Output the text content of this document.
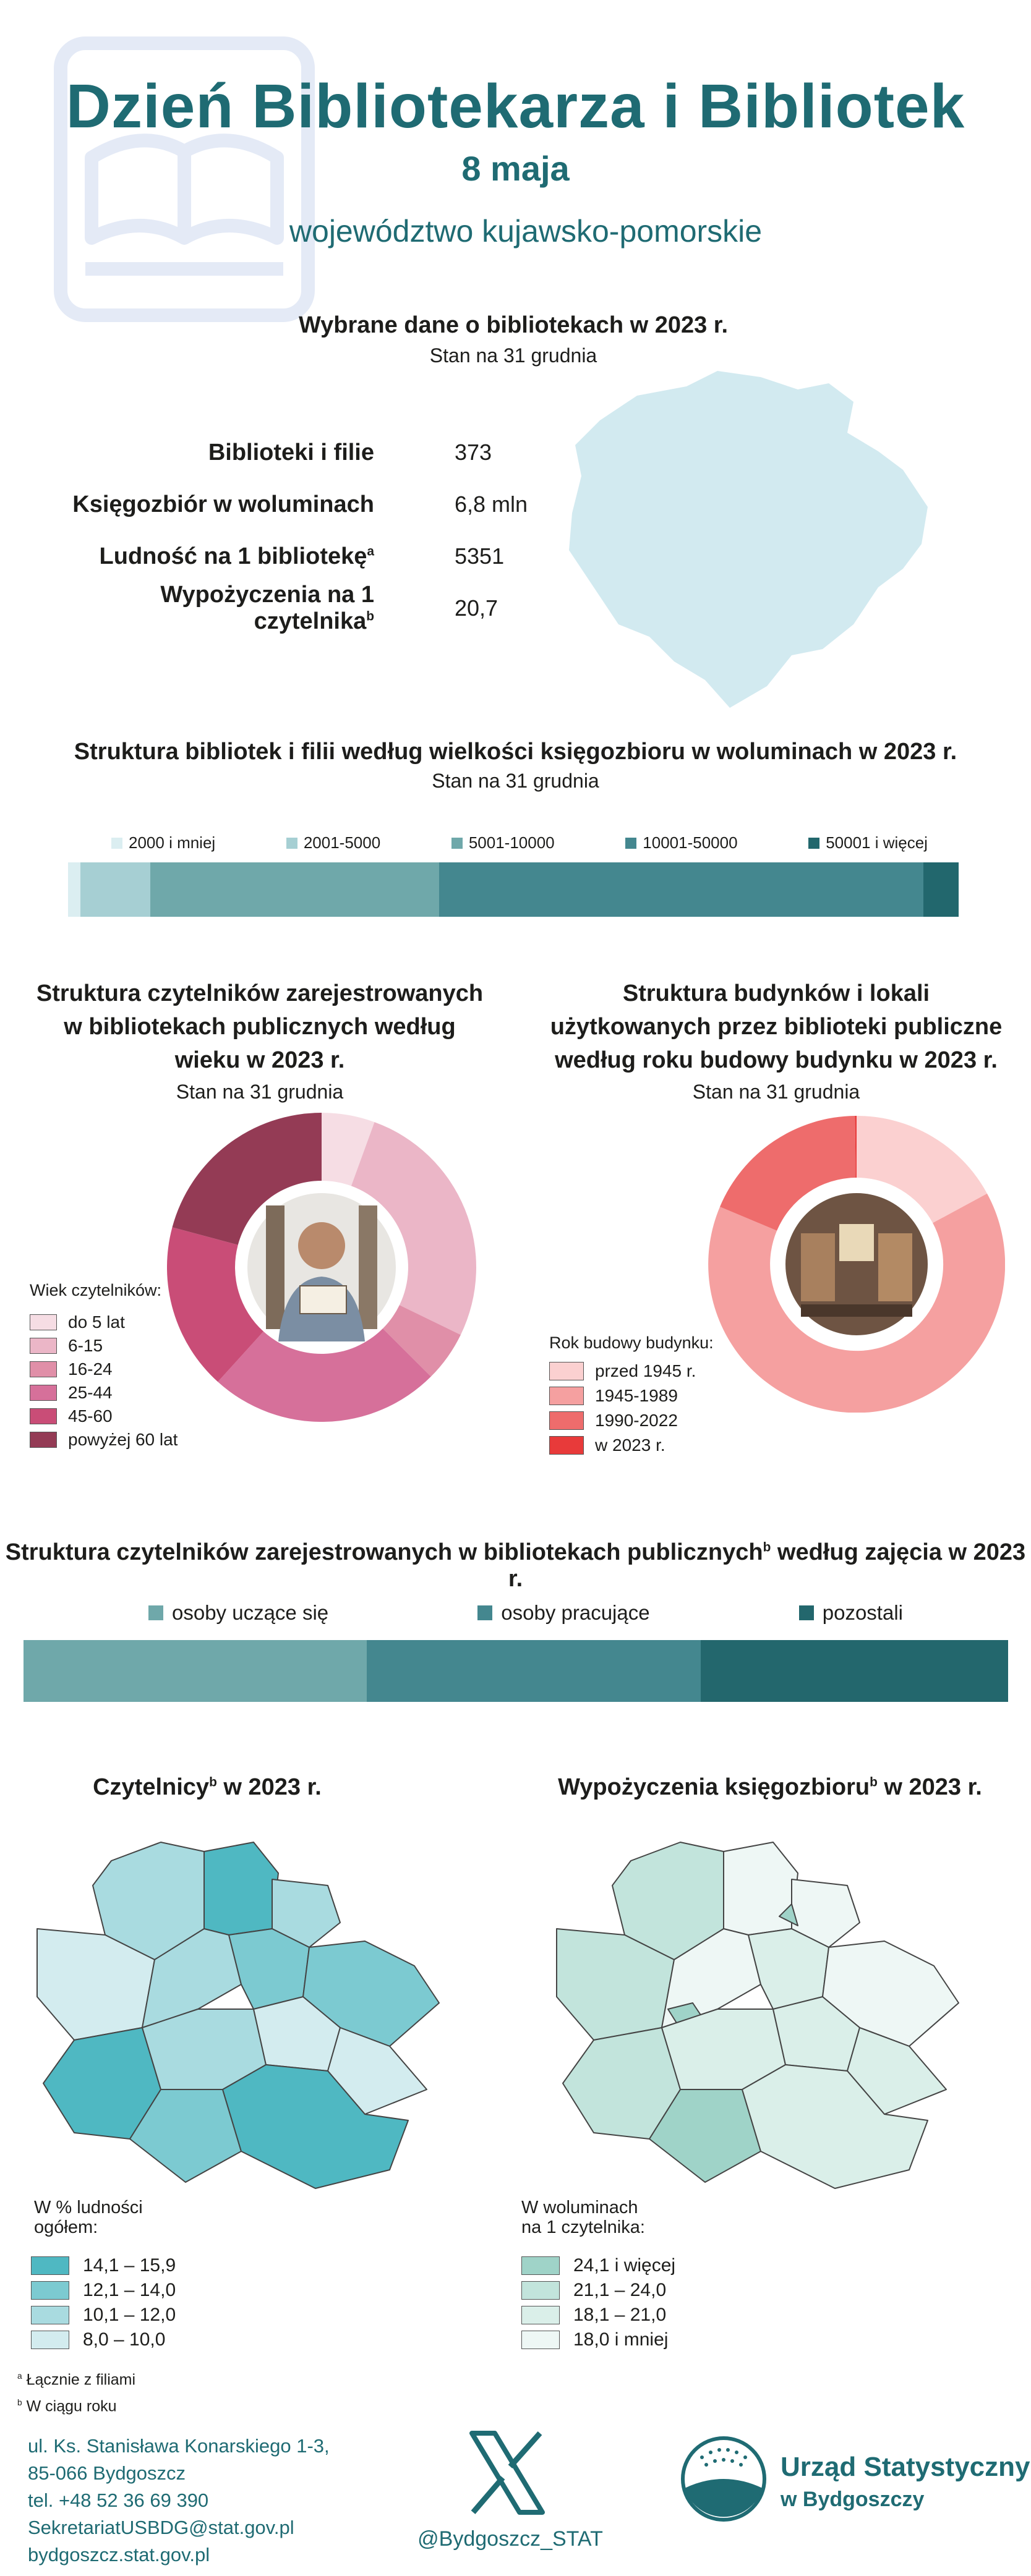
Dzień Bibliotekarza i Bibliotek
8 maja
województwo kujawsko-pomorskie
Wybrane dane o bibliotekach w 2023 r.
Stan na 31 grudnia
Biblioteki i filie	373
Księgozbiór w woluminach	6,8 mln
Ludność na 1 bibliotekę$^a$	5351
Wypożyczenia na 1 czytelnika$^b$	20,7
Struktura bibliotek i filii według wielkości księgozbioru w woluminach w 2023 r.
Stan na 31 grudnia
2000 i mniej	2001-5000	5001-10000	10001-50000	50001 i więcej
Struktura czytelników zarejestrowanych
w bibliotekach publicznych według
wieku w 2023 r.
Stan na 31 grudnia
Wiek czytelników:
do 5 lat
6-15
16-24
25-44
45-60
powyżej 60 lat
Struktura budynków i lokali
użytkowanych przez biblioteki publiczne
według roku budowy budynku w 2023 r.
Stan na 31 grudnia
Rok budowy budynku:
przed 1945 r.
1945-1989
1990-2022
w 2023 r.
Struktura czytelników zarejestrowanych w bibliotekach publicznych$^b$ według zajęcia w 2023 r.
osoby uczące się	osoby pracujące	pozostali
Czytelnicy$^b$ w 2023 r.	Wypożyczenia księgozbioru$^b$ w 2023 r.
W % ludności
ogółem:
14,1 – 15,9
12,1 – 14,0
10,1 – 12,0
8,0 – 10,0
W woluminach
na 1 czytelnika:
24,1 i więcej
21,1 – 24,0
18,1 – 21,0
18,0 i mniej
$^a$ Łącznie z filiami
$^b$ W ciągu roku
ul. Ks. Stanisława Konarskiego 1-3,
85-066 Bydgoszcz
tel. +48 52 36 69 390
SekretariatUSBDG@stat.gov.pl
bydgoszcz.stat.gov.pl
@Bydgoszcz_STAT
Urząd Statystyczny
w Bydgoszczy
